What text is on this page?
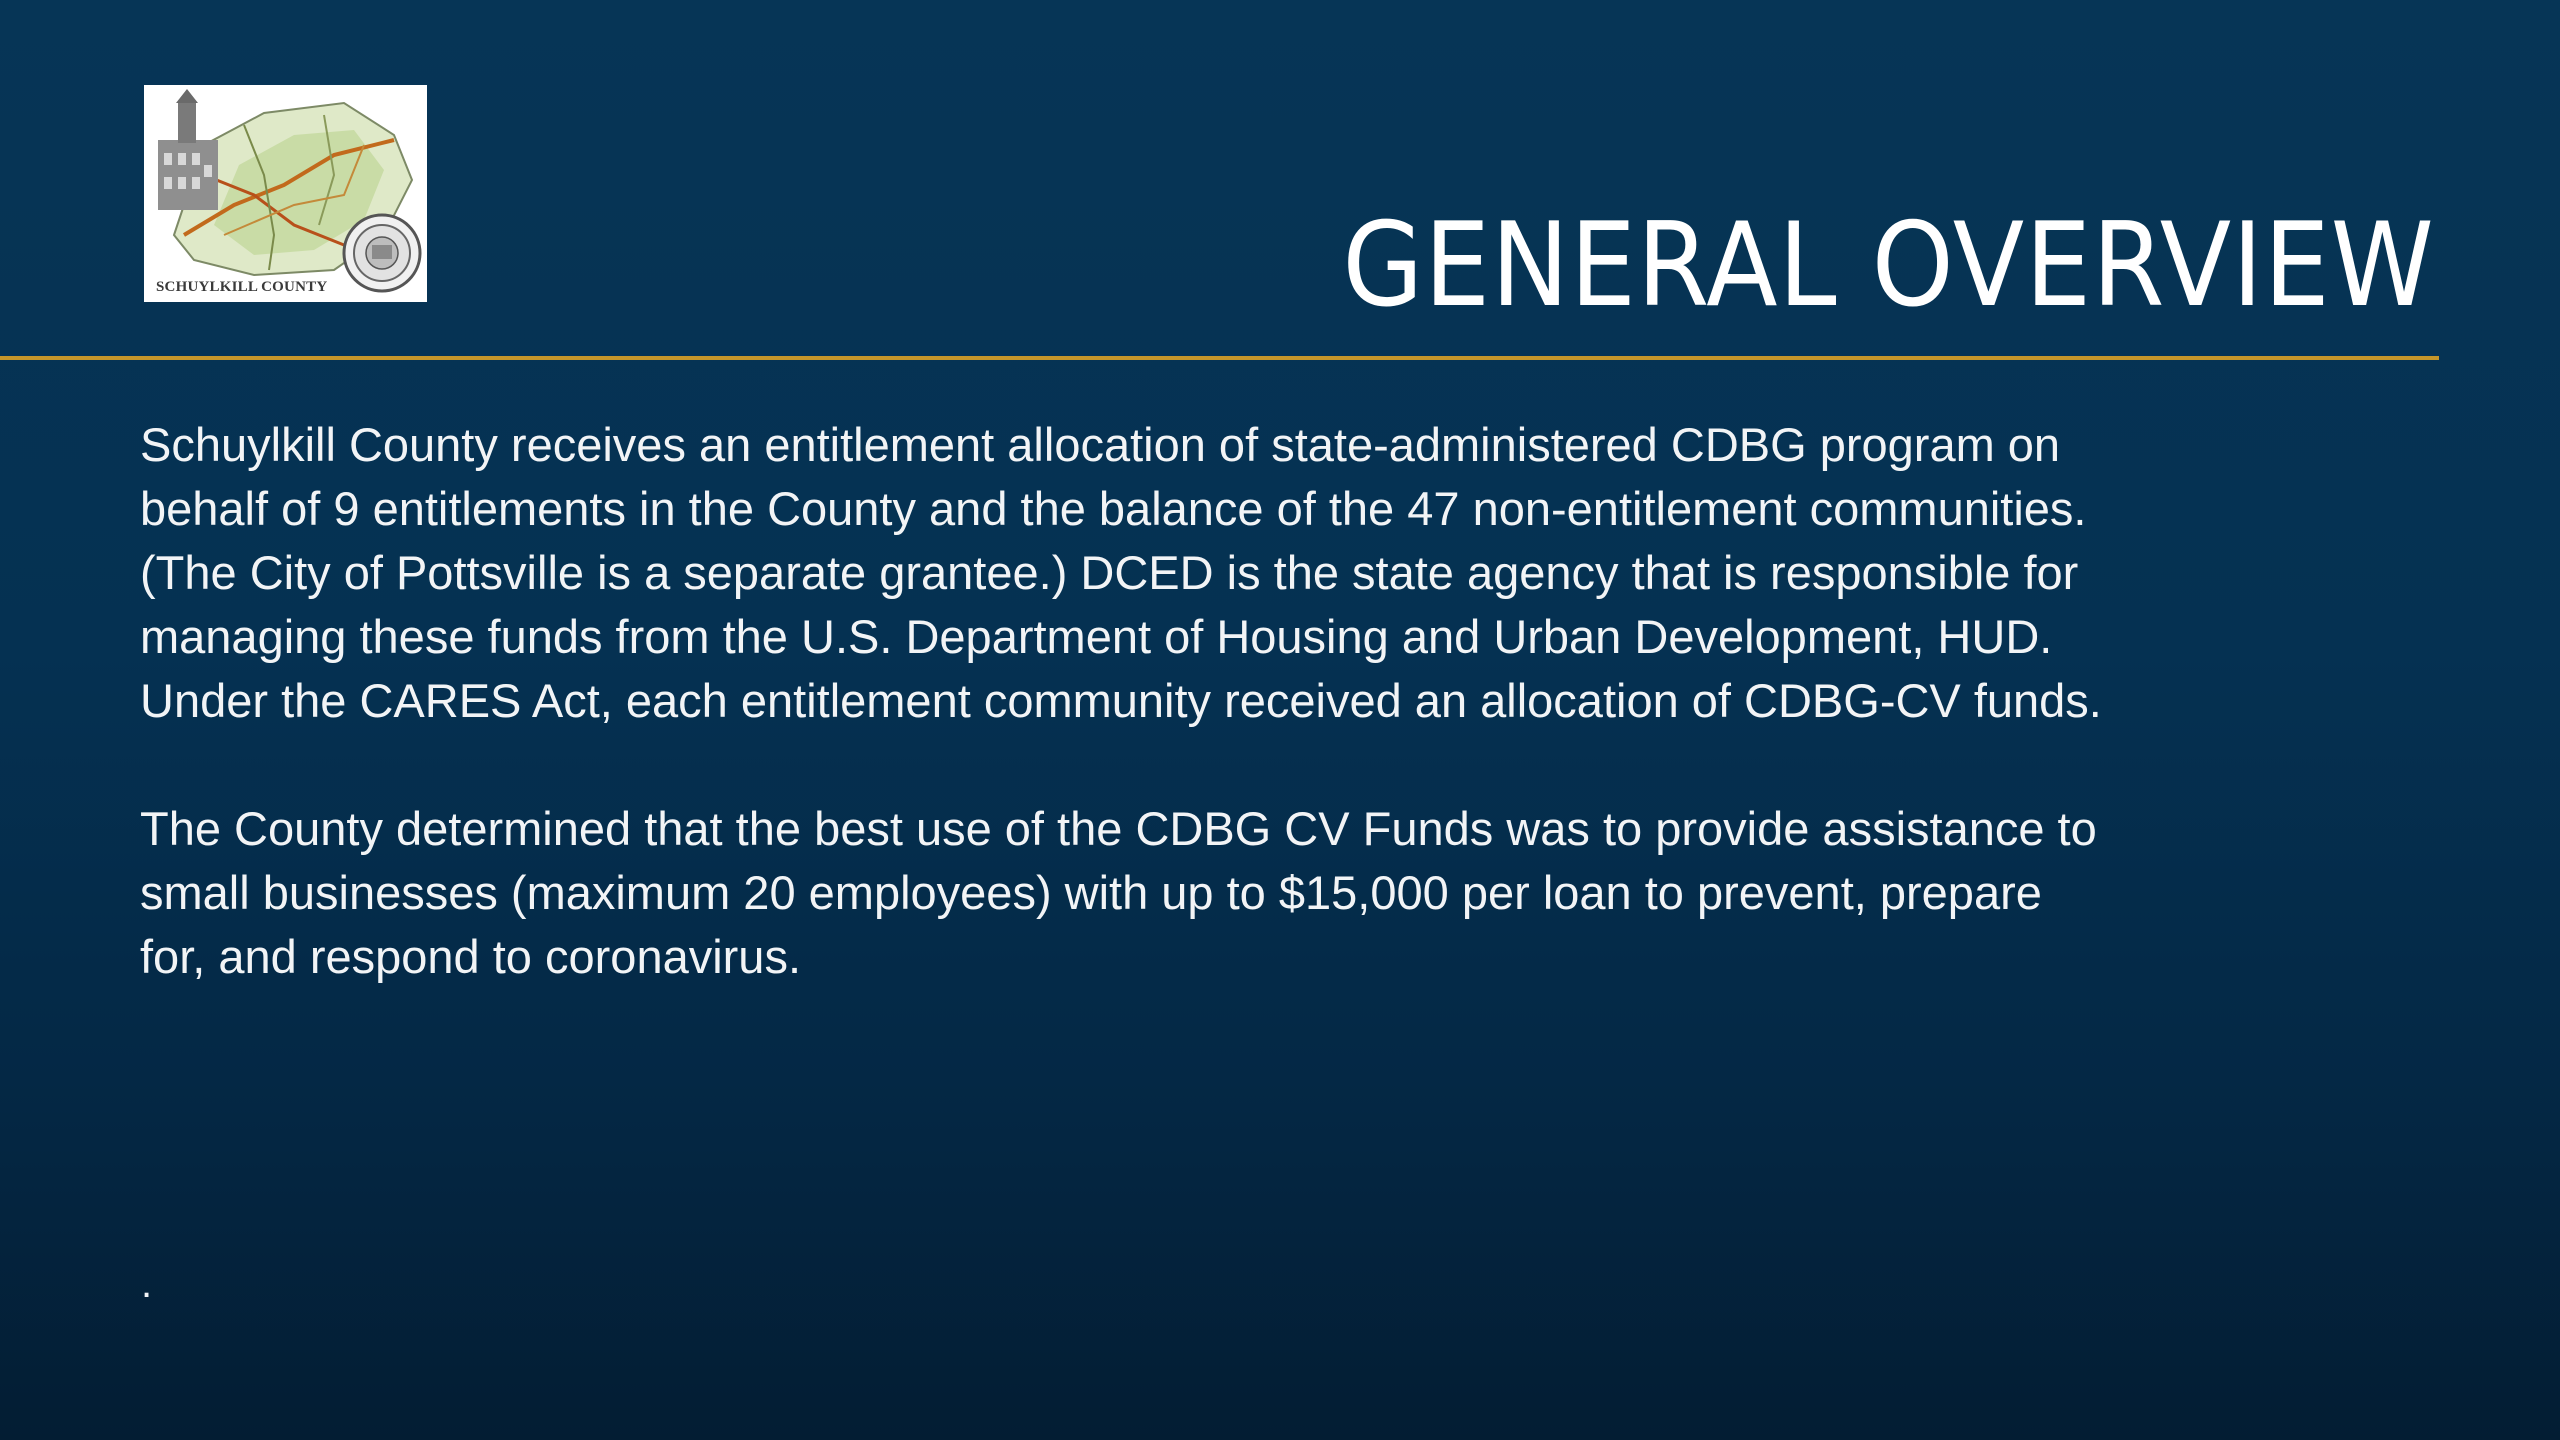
SCHUYLKILL COUNTY	GENERAL OVERVIEW

Schuylkill County receives an entitlement allocation of state-administered CDBG program on
behalf of 9 entitlements in the County and the balance of the 47 non-entitlement communities.
(The City of Pottsville is a separate grantee.) DCED is the state agency that is responsible for
managing these funds from the U.S. Department of Housing and Urban Development, HUD.
Under the CARES Act, each entitlement community received an allocation of CDBG-CV funds.

The County determined that the best use of the CDBG CV Funds was to provide assistance to
small businesses (maximum 20 employees) with up to $15,000 per loan to prevent, prepare
for, and respond to coronavirus.

.
